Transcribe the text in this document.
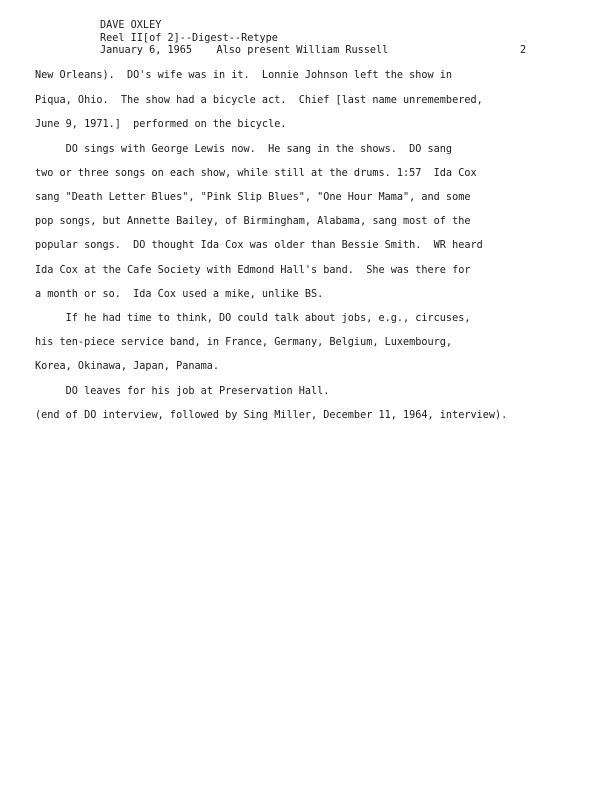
DAVE OXLEY
Reel II[of 2]--Digest--Retype
January 6, 1965    Also present William Russell	2
New Orleans).  DO's wife was in it.  Lonnie Johnson left the show in
Piqua, Ohio.  The show had a bicycle act.  Chief [last name unremembered,
June 9, 1971.]  performed on the bicycle.
DO sings with George Lewis now.  He sang in the shows.  DO sang
two or three songs on each show, while still at the drums. 1:57  Ida Cox
sang "Death Letter Blues", "Pink Slip Blues", "One Hour Mama", and some
pop songs, but Annette Bailey, of Birmingham, Alabama, sang most of the
popular songs.  DO thought Ida Cox was older than Bessie Smith.  WR heard
Ida Cox at the Cafe Society with Edmond Hall's band.  She was there for
a month or so.  Ida Cox used a mike, unlike BS.
If he had time to think, DO could talk about jobs, e.g., circuses,
his ten-piece service band, in France, Germany, Belgium, Luxembourg,
Korea, Okinawa, Japan, Panama.
DO leaves for his job at Preservation Hall.
(end of DO interview, followed by Sing Miller, December 11, 1964, interview).
